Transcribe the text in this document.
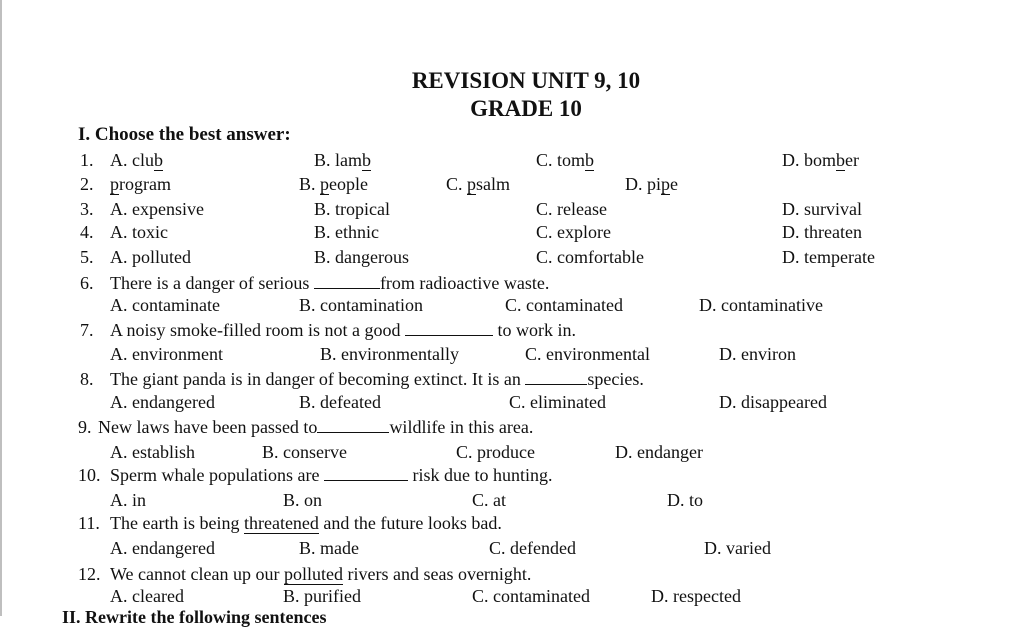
REVISION UNIT 9, 10
GRADE 10
I. Choose the best answer:
1. A. club	B. lamb	C. tomb	D. bomber
2. program	B. people	C. psalm	D. pipe
3. A. expensive	B. tropical	C. release	D. survival
4. A. toxic	B. ethnic	C. explore	D. threaten
5. A. polluted	B. dangerous	C. comfortable	D. temperate
6. There is a danger of serious	from radioactive waste.
A. contaminate	B. contamination	C. contaminated	D. contaminative
7. A noisy smoke-filled room is not a good	to work in.
A. environment	B. environmentally	C. environmental	D. environ
8. The giant panda is in danger of becoming extinct. It is an	species.
A. endangered	B. defeated	C. eliminated	D. disappeared
9. New laws have been passed to	wildlife in this area.
A. establish	B. conserve	C. produce	D. endanger
10. Sperm whale populations are	risk due to hunting.
A. in	B. on	C. at	D. to
11. The earth is being threatened and the future looks bad.
A. endangered	B. made	C. defended	D. varied
12. We cannot clean up our polluted rivers and seas overnight.
A. cleared	B. purified	C. contaminated	D. respected
II. Rewrite the following sentences
